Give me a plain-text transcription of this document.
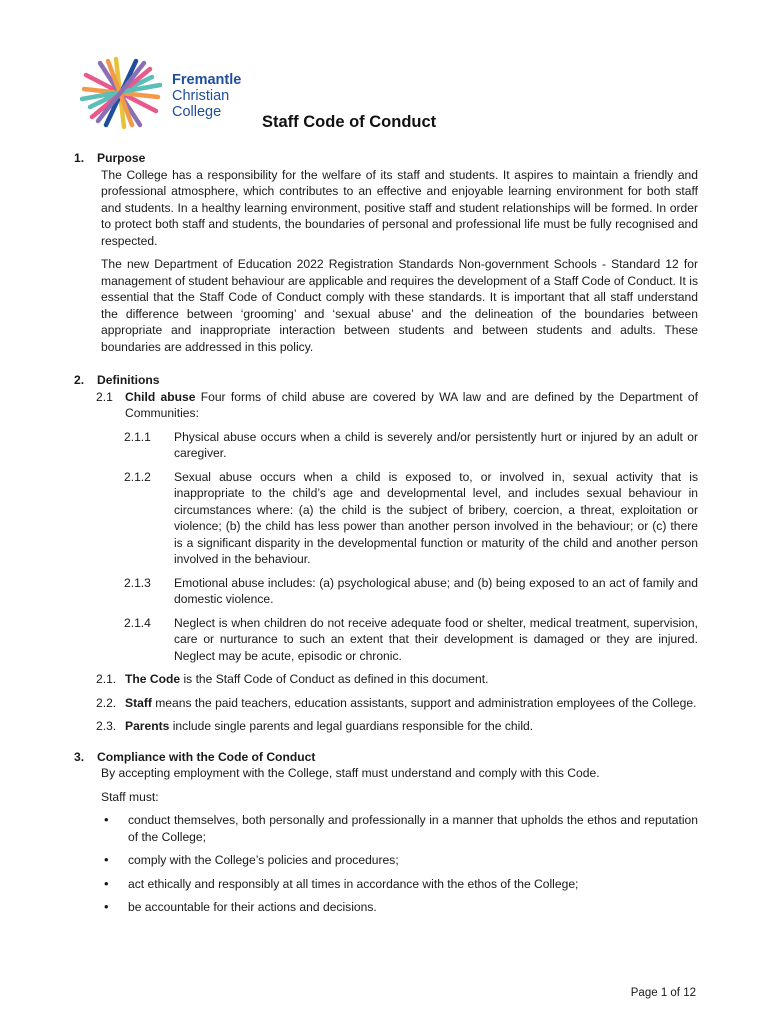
Fremantle
Christian
College
Staff Code of Conduct
1.	Purpose

The College has a responsibility for the welfare of its staff and students. It aspires to maintain a friendly and professional atmosphere, which contributes to an effective and enjoyable learning environment for both staff and students. In a healthy learning environment, positive staff and student relationships will be formed. In order to protect both staff and students, the boundaries of personal and professional life must be fully recognised and respected.

The new Department of Education 2022 Registration Standards Non-government Schools - Standard 12 for management of student behaviour are applicable and requires the development of a Staff Code of Conduct. It is essential that the Staff Code of Conduct comply with these standards. It is important that all staff understand the difference between ‘grooming’ and ‘sexual abuse’ and the delineation of the boundaries between appropriate and inappropriate interaction between students and between students and adults. These boundaries are addressed in this policy.

2.	Definitions
2.1	Child abuse Four forms of child abuse are covered by WA law and are defined by the Department of Communities:
2.1.1	Physical abuse occurs when a child is severely and/or persistently hurt or injured by an adult or caregiver.
2.1.2	Sexual abuse occurs when a child is exposed to, or involved in, sexual activity that is inappropriate to the child’s age and developmental level, and includes sexual behaviour in circumstances where: (a) the child is the subject of bribery, coercion, a threat, exploitation or violence; (b) the child has less power than another person involved in the behaviour; or (c) there is a significant disparity in the developmental function or maturity of the child and another person involved in the behaviour.
2.1.3	Emotional abuse includes: (a) psychological abuse; and (b) being exposed to an act of family and domestic violence.
2.1.4	Neglect is when children do not receive adequate food or shelter, medical treatment, supervision, care or nurturance to such an extent that their development is damaged or they are injured. Neglect may be acute, episodic or chronic.
2.1. The Code is the Staff Code of Conduct as defined in this document.
2.2. Staff means the paid teachers, education assistants, support and administration employees of the College.
2.3. Parents include single parents and legal guardians responsible for the child.
3.	Compliance with the Code of Conduct

By accepting employment with the College, staff must understand and comply with this Code.

Staff must:

•	conduct themselves, both personally and professionally in a manner that upholds the ethos and reputation of the College;
•	comply with the College’s policies and procedures;
•	act ethically and responsibly at all times in accordance with the ethos of the College;
•	be accountable for their actions and decisions.
Page 1 of 12
